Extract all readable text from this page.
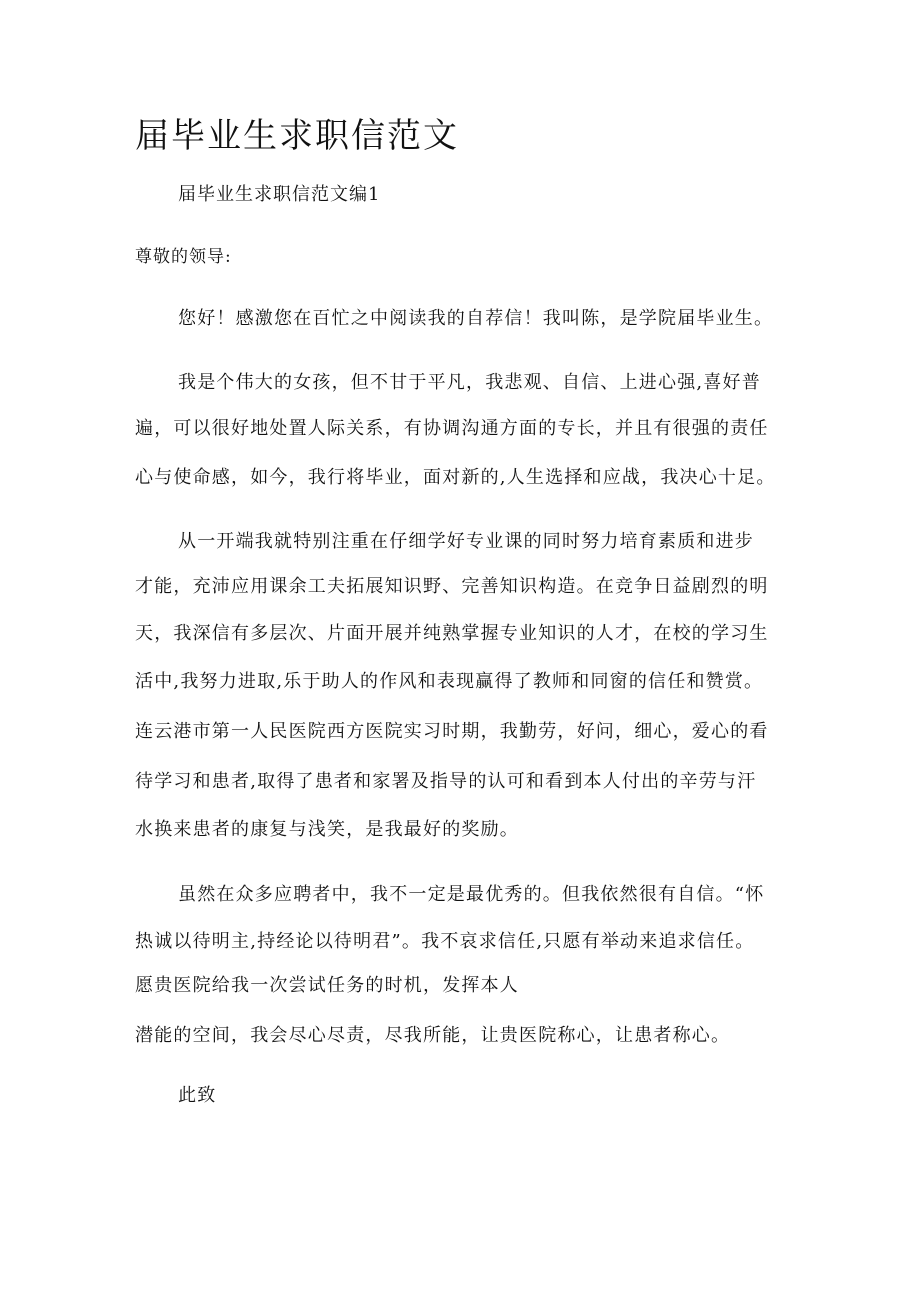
届毕业生求职信范文
届毕业生求职信范文编1
尊敬的领导:
您好！感激您在百忙之中阅读我的自荐信！我叫陈，是学院届毕业生。
我是个伟大的女孩，但不甘于平凡，我悲观、自信、上进心强,喜好普
遍，可以很好地处置人际关系，有协调沟通方面的专长，并且有很强的责任
心与使命感，如今，我行将毕业，面对新的,人生选择和应战，我决心十足。
从一开端我就特别注重在仔细学好专业课的同时努力培育素质和进步
才能，充沛应用课余工夫拓展知识野、完善知识构造。在竞争日益剧烈的明
天，我深信有多层次、片面开展并纯熟掌握专业知识的人才，在校的学习生
活中,我努力进取,乐于助人的作风和表现赢得了教师和同窗的信任和赞赏。
连云港市第一人民医院西方医院实习时期，我勤劳，好问，细心，爱心的看
待学习和患者,取得了患者和家署及指导的认可和看到本人付出的辛劳与汗
水换来患者的康复与浅笑，是我最好的奖励。
虽然在众多应聘者中，我不一定是最优秀的。但我依然很有自信。“怀
热诚以待明主,持经论以待明君”。我不哀求信任,只愿有举动来追求信任。
愿贵医院给我一次尝试任务的时机，发挥本人
潜能的空间，我会尽心尽责，尽我所能，让贵医院称心，让患者称心。
此致
